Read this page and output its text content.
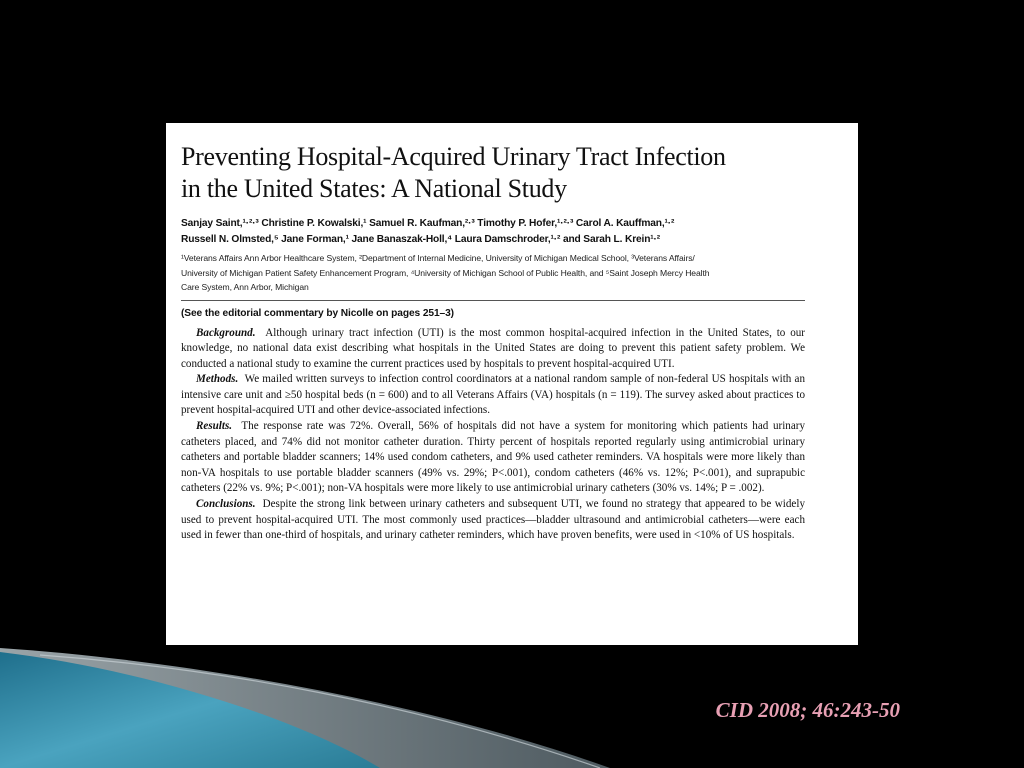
Preventing Hospital-Acquired Urinary Tract Infection
in the United States: A National Study
Sanjay Saint,¹·²·³ Christine P. Kowalski,¹ Samuel R. Kaufman,²·³ Timothy P. Hofer,¹·²·³ Carol A. Kauffman,¹·²
Russell N. Olmsted,⁵ Jane Forman,¹ Jane Banaszak-Holl,⁴ Laura Damschroder,¹·² and Sarah L. Krein¹·²
¹Veterans Affairs Ann Arbor Healthcare System, ²Department of Internal Medicine, University of Michigan Medical School, ³Veterans Affairs/
University of Michigan Patient Safety Enhancement Program, ⁴University of Michigan School of Public Health, and ⁵Saint Joseph Mercy Health
Care System, Ann Arbor, Michigan
(See the editorial commentary by Nicolle on pages 251–3)

Background. Although urinary tract infection (UTI) is the most common hospital-acquired infection in the United States, to our knowledge, no national data exist describing what hospitals in the United States are doing to prevent this patient safety problem. We conducted a national study to examine the current practices used by hospitals to prevent hospital-acquired UTI.

Methods. We mailed written surveys to infection control coordinators at a national random sample of non-federal US hospitals with an intensive care unit and ≥50 hospital beds (n = 600) and to all Veterans Affairs (VA) hospitals (n = 119). The survey asked about practices to prevent hospital-acquired UTI and other device-associated infections.

Results. The response rate was 72%. Overall, 56% of hospitals did not have a system for monitoring which patients had urinary catheters placed, and 74% did not monitor catheter duration. Thirty percent of hospitals reported regularly using antimicrobial urinary catheters and portable bladder scanners; 14% used condom catheters, and 9% used catheter reminders. VA hospitals were more likely than non-VA hospitals to use portable bladder scanners (49% vs. 29%; P<.001), condom catheters (46% vs. 12%; P<.001), and suprapubic catheters (22% vs. 9%; P<.001); non-VA hospitals were more likely to use antimicrobial urinary catheters (30% vs. 14%; P = .002).

Conclusions. Despite the strong link between urinary catheters and subsequent UTI, we found no strategy that appeared to be widely used to prevent hospital-acquired UTI. The most commonly used practices—bladder ultrasound and antimicrobial catheters—were each used in fewer than one-third of hospitals, and urinary catheter reminders, which have proven benefits, were used in <10% of US hospitals.

CID 2008; 46:243-50
